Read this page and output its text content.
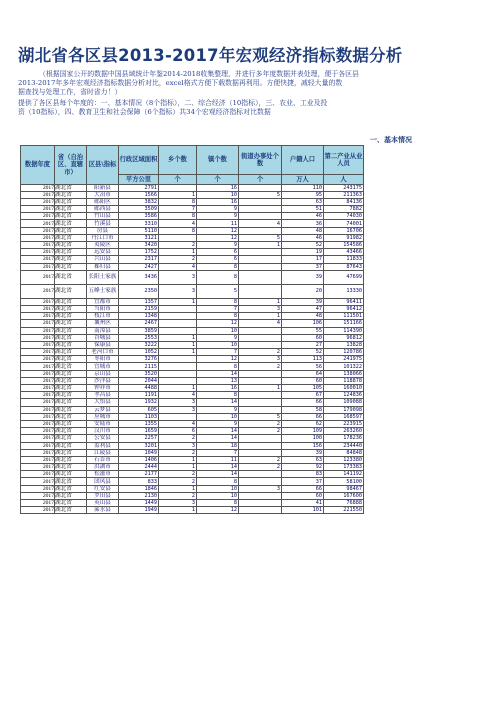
湖北省各区县2013-2017年宏观经济指标数据分析
（根据国家公开的数据中国县域统计年鉴2014-2018收集整理，并进行多年度数据并表处理，便于各区县
2013-2017年多年宏观经济指标数据分析对比，excel格式方便下载数据再利用。方便快捷，减轻大量的数
据查找与处理工作，省时省力！）
提供了各区县每个年度的：一、基本情况（8个指标），二、综合经济（10指标），三、农业、工业及投
资（10指标），四、教育卫生和社会保障（6个指标）共34个宏观经济指标对比数据
一、基本情况
数据年度	省（自治区、直辖市）	区县\指标	行政区域面积	乡个数	镇个数	街道办事处个数	户籍人口	第二产业从业人员
			平方公里	个	个	个	万人	人
2017	湖北省	阳新县	2791		16		110	243175
2017	湖北省	大冶市	1566	1	10	5	95	211363
2017	湖北省	郧阳区	3832	8	16		63	84136
2017	湖北省	郧西县	3509	7	9		51	7882
2017	湖北省	竹山县	3586	8	9		46	74030
2017	湖北省	竹溪县	3310	4	11	4	36	74001
2017	湖北省	房县	5110	8	12		48	16706
2017	湖北省	丹江口市	3121		12	5	46	91982
2017	湖北省	夷陵区	3420	2	9	1	52	154586
2017	湖北省	远安县	1752	1	6		19	43466
2017	湖北省	兴山县	2317	2	6		17	11833
2017	湖北省	秭归县	2427	4	8		37	87643
2017	湖北省	长阳土家族	3436	3	8		39	47699
2017	湖北省	五峰土家族	2350	3	5		20	13330
2017	湖北省	宜都市	1357	1	8	1	39	96411
2017	湖北省	当阳市	2159		7	3	47	96412
2017	湖北省	枝江市	1348		8	1	48	111501
2017	湖北省	襄州区	2467		12	4	106	151166
2017	湖北省	南漳县	3859		10		55	114390
2017	湖北省	谷城县	2553	1	9		60	96812
2017	湖北省	保康县	3222	1	10		27	13828
2017	湖北省	老河口市	1052	1	7	2	52	120786
2017	湖北省	枣阳市	3276		12	3	113	241975
2017	湖北省	宜城市	2115		8	2	56	101322
2017	湖北省	京山县	3520		14		64	138066
2017	湖北省	沙洋县	2044		13		60	118878
2017	湖北省	钟祥市	4488	1	16	1	105	160010
2017	湖北省	孝昌县	1191	4	8		67	124836
2017	湖北省	大悟县	1932	3	14		66	109088
2017	湖北省	云梦县	605	3	9		58	179098
2017	湖北省	应城市	1103		10	5	66	168597
2017	湖北省	安陆市	1355	4	9	2	62	223915
2017	湖北省	汉川市	1659	6	14	2	109	263260
2017	湖北省	公安县	2257	2	14		100	178236
2017	湖北省	监利县	3201	3	18		156	234440
2017	湖北省	江陵县	1049	2	7		39	84848
2017	湖北省	石首市	1406	1	11	2	63	123380
2017	湖北省	洪湖市	2444	1	14	2	92	173383
2017	湖北省	松滋市	2177	2	14		83	141192
2017	湖北省	团风县	833	2	8		37	58100
2017	湖北省	红安县	1846	1	10	3	66	98467
2017	湖北省	罗田县	2130	2	10		60	167600
2017	湖北省	英山县	1449	3	8		41	76888
2017	湖北省	浠水县	1949	1	12		101	221550
